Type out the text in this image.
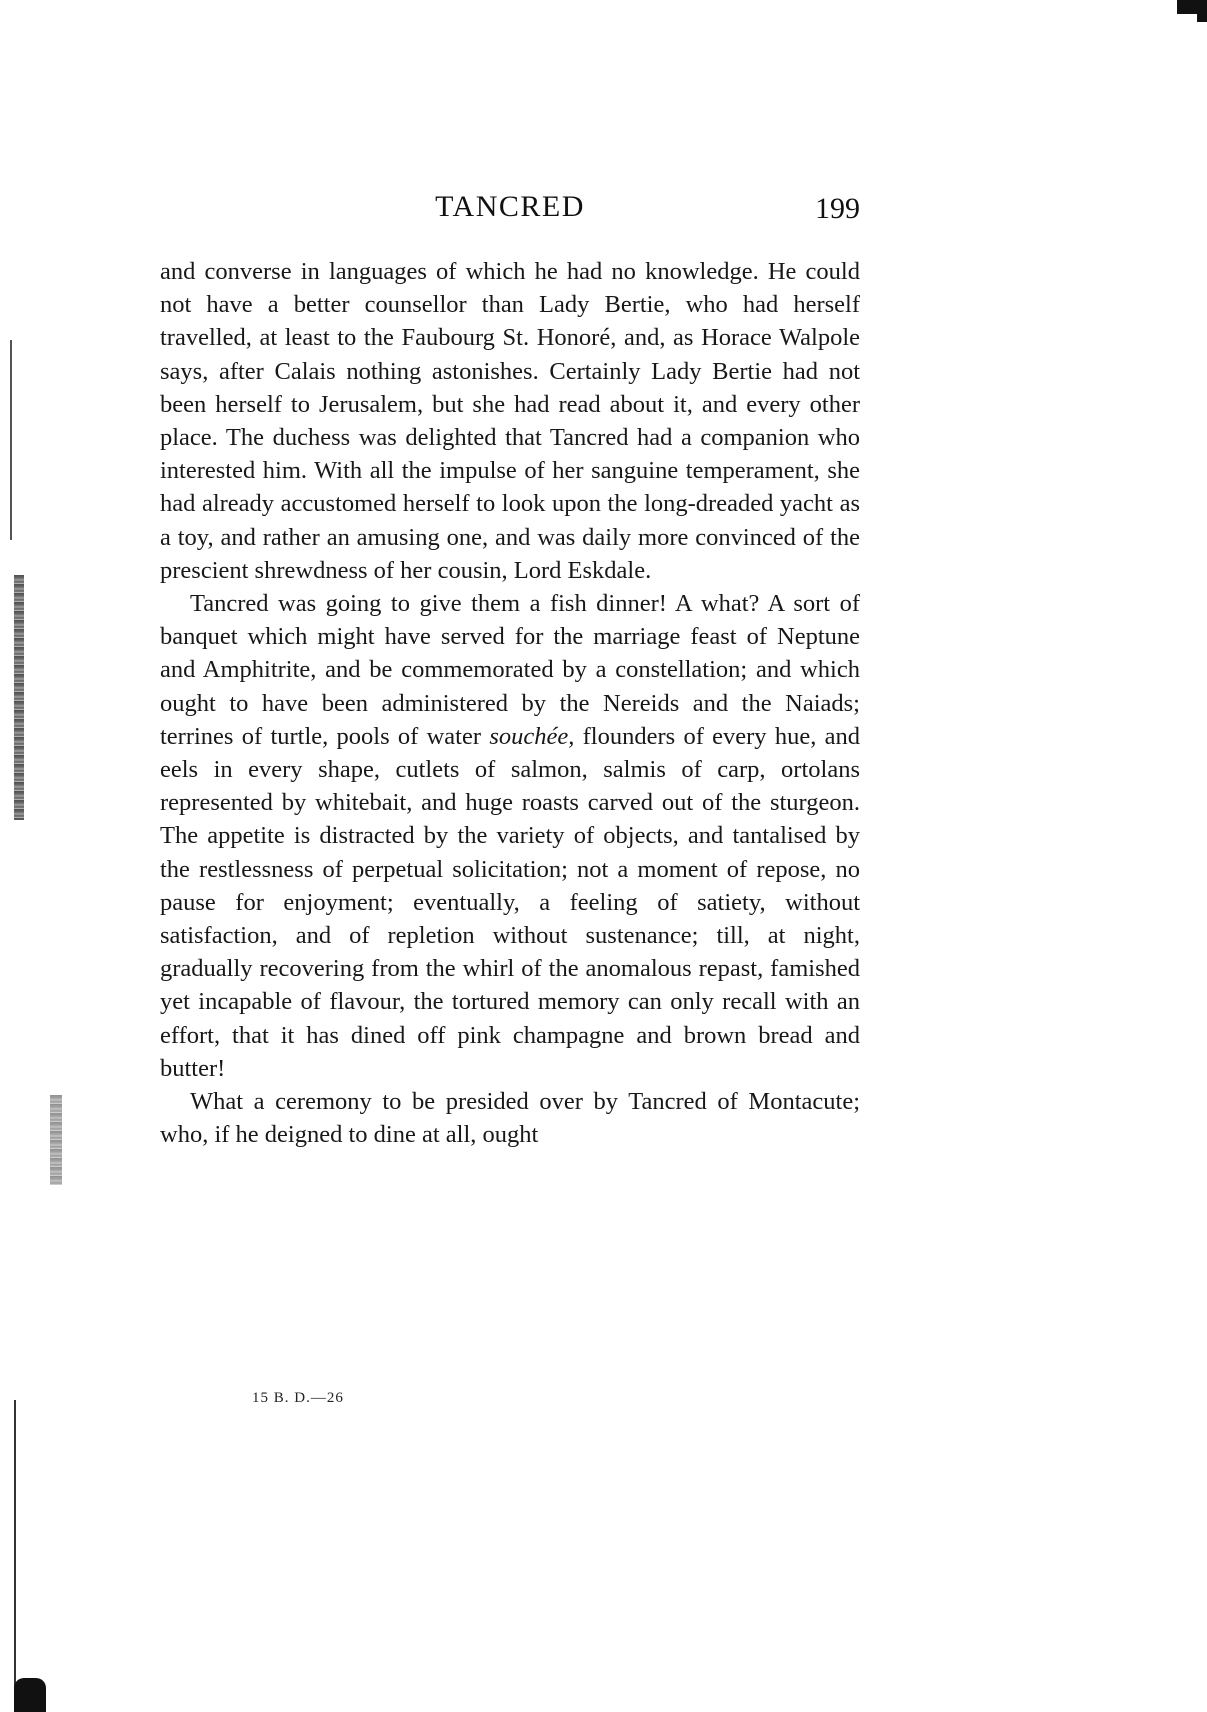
TANCRED	199

and converse in languages of which he had no knowledge. He could not have a better counsellor than Lady Bertie, who had herself travelled, at least to the Faubourg St. Honoré, and, as Horace Walpole says, after Calais nothing astonishes. Certainly Lady Bertie had not been herself to Jerusalem, but she had read about it, and every other place. The duchess was delighted that Tancred had a companion who interested him. With all the impulse of her sanguine temperament, she had already accustomed herself to look upon the long-dreaded yacht as a toy, and rather an amusing one, and was daily more convinced of the prescient shrewdness of her cousin, Lord Eskdale.

Tancred was going to give them a fish dinner! A what? A sort of banquet which might have served for the marriage feast of Neptune and Amphitrite, and be commemorated by a constellation; and which ought to have been administered by the Nereids and the Naiads; terrines of turtle, pools of water souchée, flounders of every hue, and eels in every shape, cutlets of salmon, salmis of carp, ortolans represented by whitebait, and huge roasts carved out of the sturgeon. The appetite is distracted by the variety of objects, and tantalised by the restlessness of perpetual solicitation; not a moment of repose, no pause for enjoyment; eventually, a feeling of satiety, without satisfaction, and of repletion without sustenance; till, at night, gradually recovering from the whirl of the anomalous repast, famished yet incapable of flavour, the tortured memory can only recall with an effort, that it has dined off pink champagne and brown bread and butter!

What a ceremony to be presided over by Tancred of Montacute; who, if he deigned to dine at all, ought

15 B. D.—26
